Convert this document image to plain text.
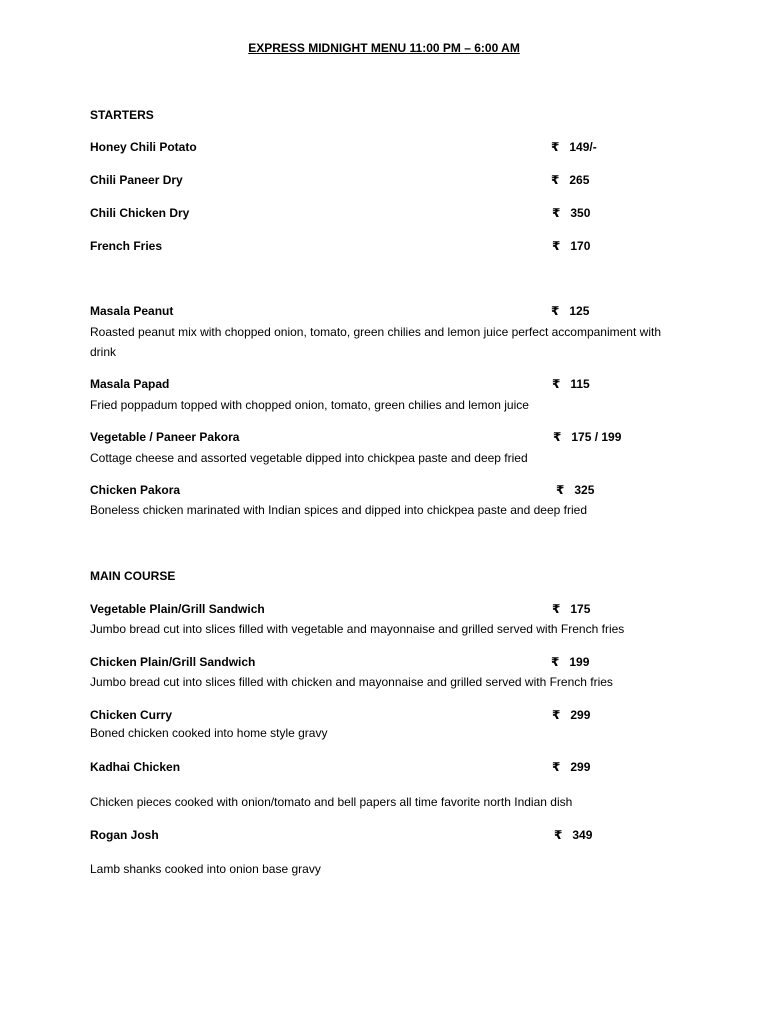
EXPRESS MIDNIGHT MENU 11:00 PM – 6:00 AM
STARTERS
Honey Chili Potato	₹ 149/-
Chili Paneer Dry	₹ 265
Chili Chicken Dry	₹ 350
French Fries	₹ 170
Masala Peanut	₹ 125
Roasted peanut mix with chopped onion, tomato, green chilies and lemon juice perfect accompaniment with drink
Masala Papad	₹ 115
Fried poppadum topped with chopped onion, tomato, green chilies and lemon juice
Vegetable / Paneer Pakora	₹ 175 / 199
Cottage cheese and assorted vegetable dipped into chickpea paste and deep fried
Chicken Pakora	₹ 325
Boneless chicken marinated with Indian spices and dipped into chickpea paste and deep fried
MAIN COURSE
Vegetable Plain/Grill Sandwich	₹ 175
Jumbo bread cut into slices filled with vegetable and mayonnaise and grilled served with French fries
Chicken Plain/Grill Sandwich	₹ 199
Jumbo bread cut into slices filled with chicken and mayonnaise and grilled served with French fries
Chicken Curry	₹ 299
Boned chicken cooked into home style gravy
Kadhai Chicken	₹ 299
Chicken pieces cooked with onion/tomato and bell papers all time favorite north Indian dish
Rogan Josh	₹ 349
Lamb shanks cooked into onion base gravy
